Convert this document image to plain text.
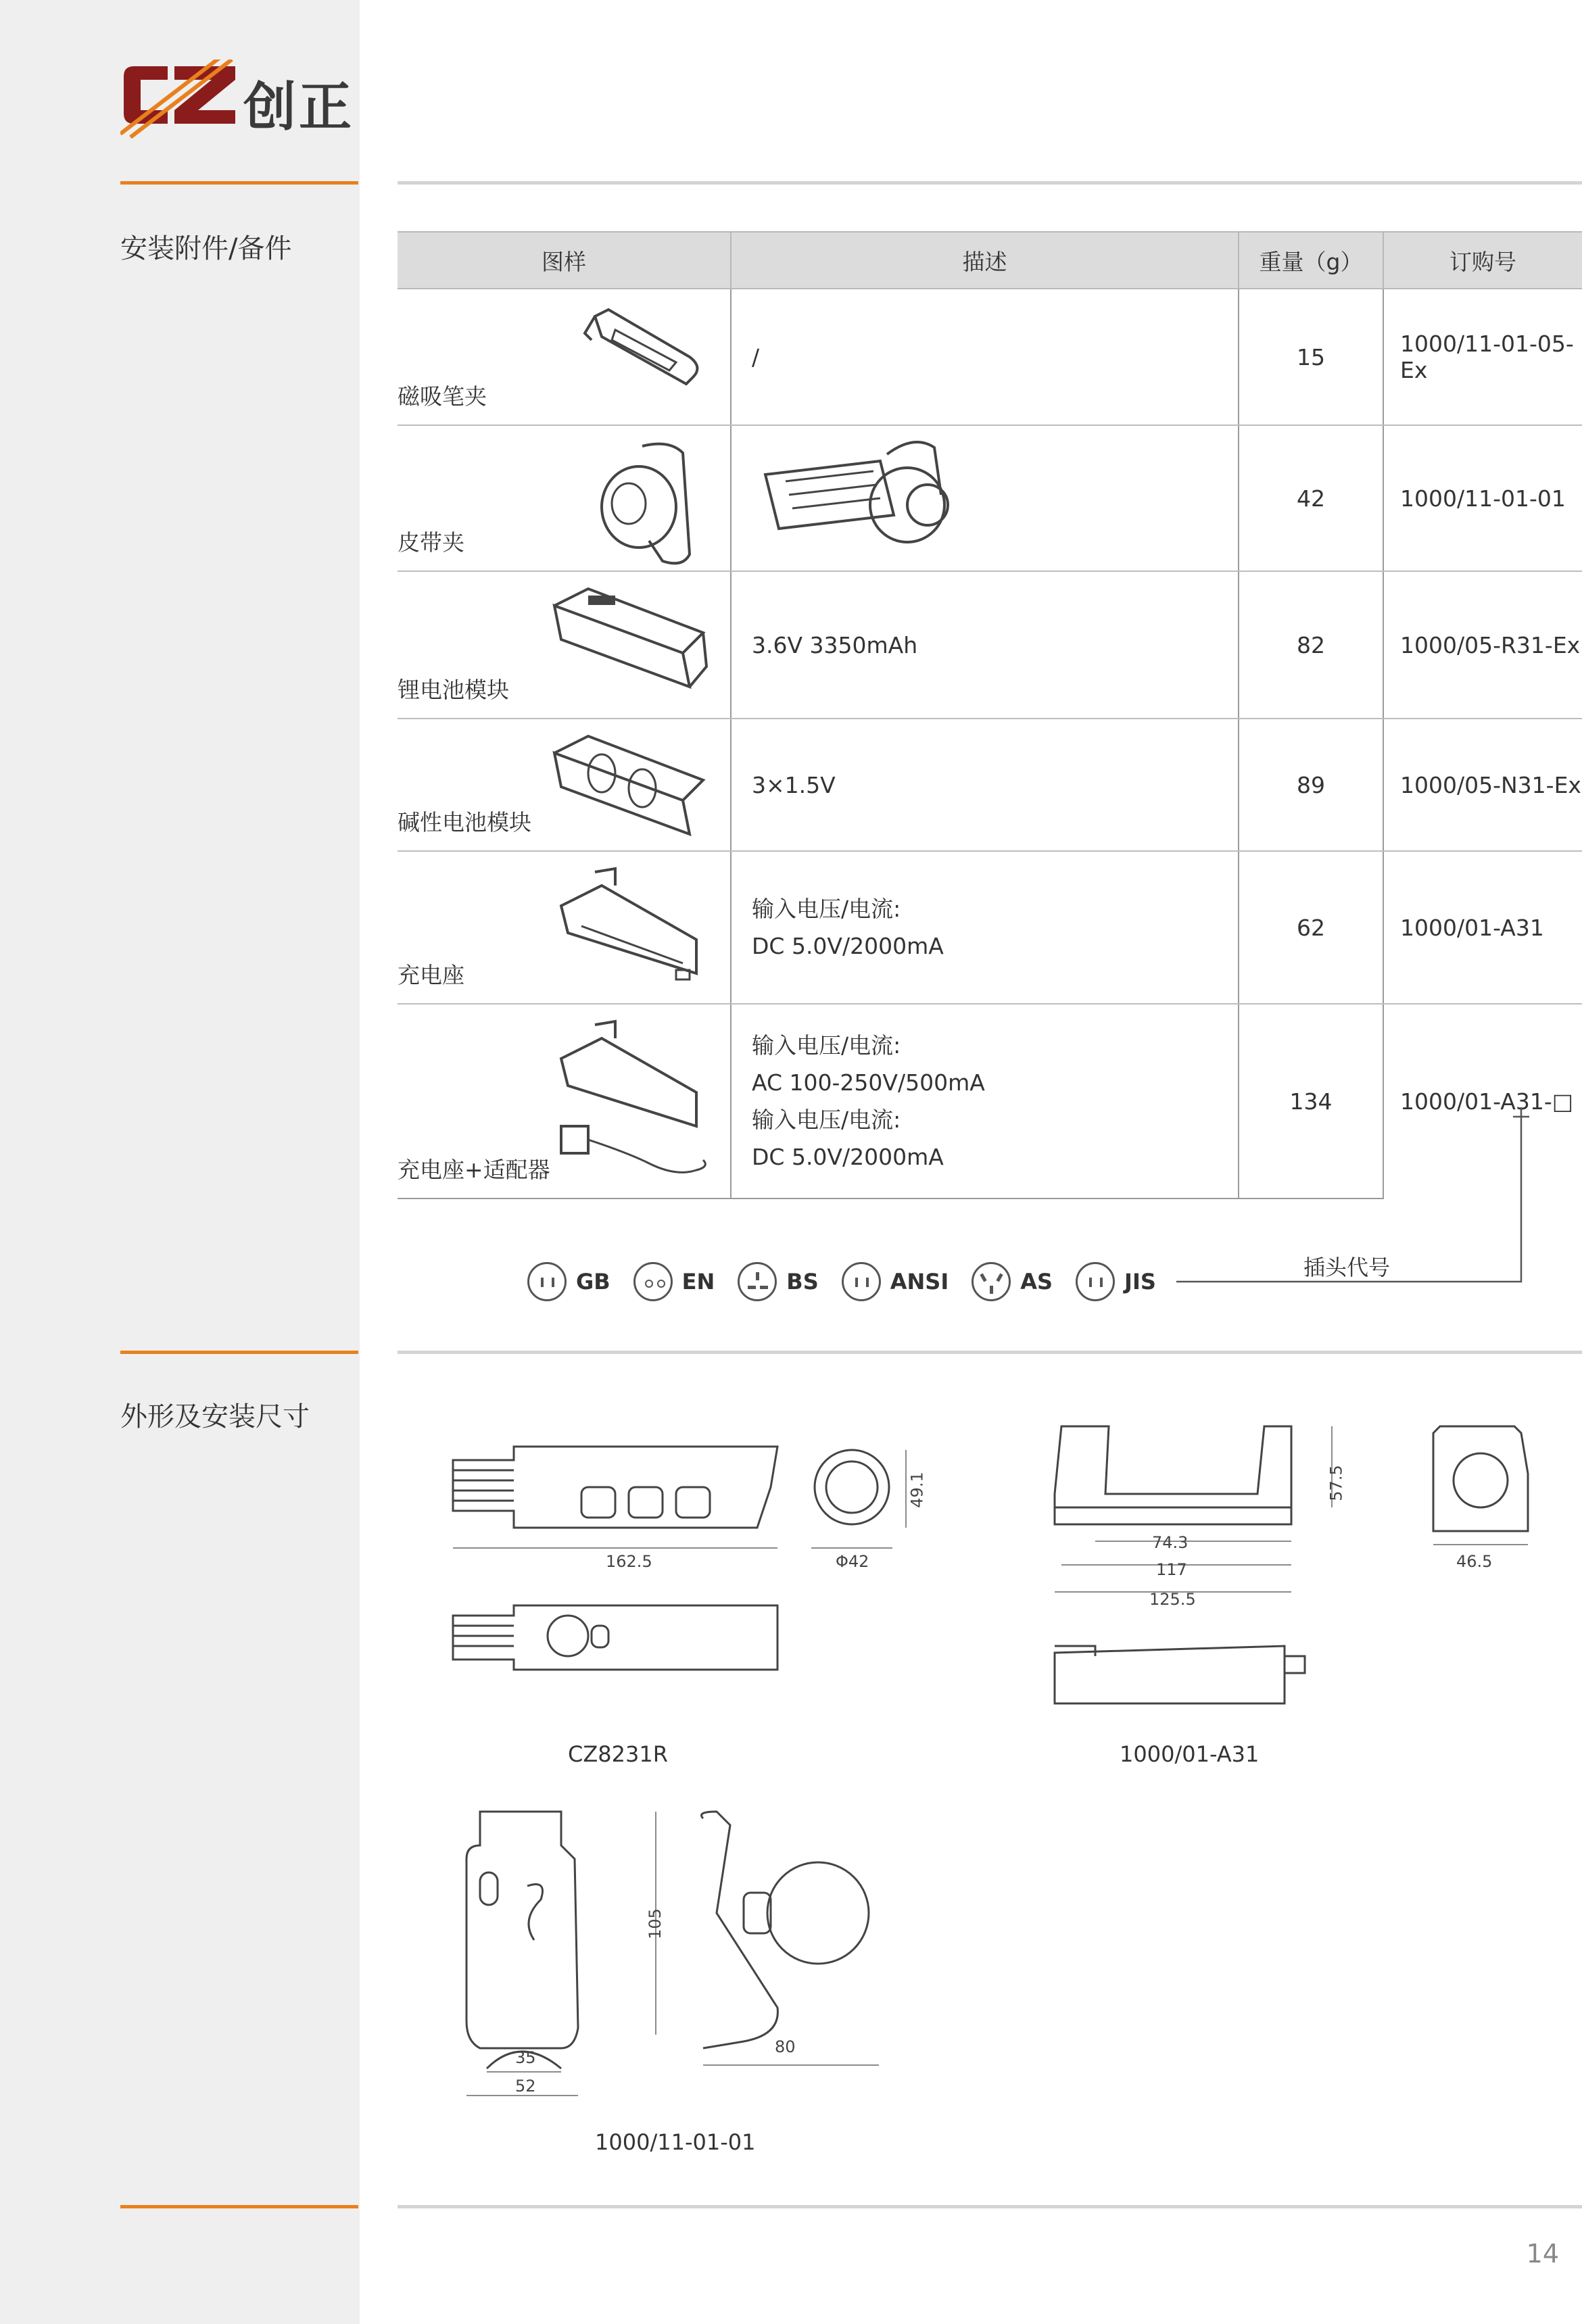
创正
安装附件/备件	图样	描述	重量（g）	订购号

磁吸笔夹	/	15	1000/11-01-05-Ex

皮带夹		42	1000/11-01-01

锂电池模块	3.6V 3350mAh	82	1000/05-R31-Ex

碱性电池模块	3×1.5V	89	1000/05-N31-Ex

充电座	输入电压/电流:
DC 5.0V/2000mA	62	1000/01-A31

充电座+适配器	输入电压/电流:
AC 100-250V/500mA
输入电压/电流:
DC 5.0V/2000mA	134	1000/01-A31-□
GB	EN	BS	ANSI	AS	JIS
插头代号
外形及安装尺寸
162.5	Φ42
49.1
CZ8231R
74.3
117
125.5
57.5
46.5
1000/01-A31
35
52
105
80
1000/11-01-01
14
